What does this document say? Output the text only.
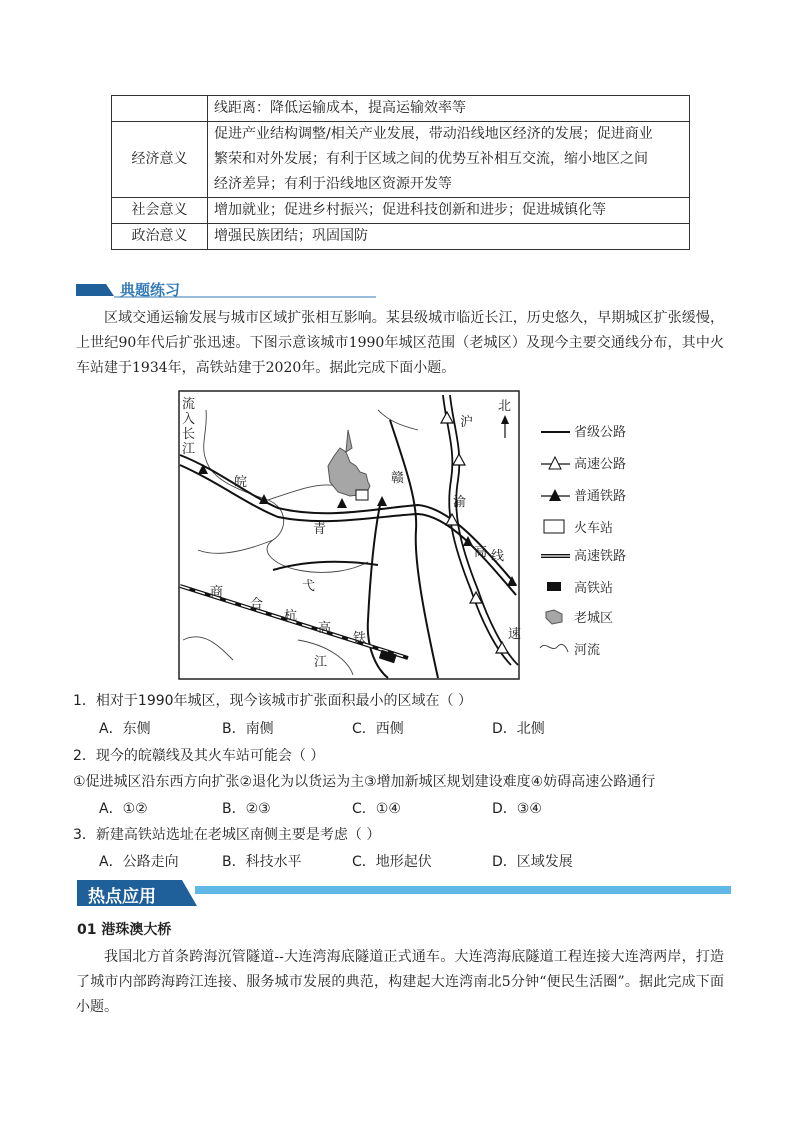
	线距离：降低运输成本，提高运输效率等

经济意义	促进产业结构调整/相关产业发展，带动沿线地区经济的发展；促进商业
繁荣和对外发展；有利于区域之间的优势互补相互交流，缩小地区之间
经济差异；有利于沿线地区资源开发等

社会意义	增加就业；促进乡村振兴；促进科技创新和进步；促进城镇化等

政治意义	增强民族团结；巩固国防
典题练习
区域交通运输发展与城市区域扩张相互影响。某县级城市临近长江，历史悠久，早期城区扩张缓慢，上世纪90年代后扩张迅速。下图示意该城市1990年城区范围（老城区）及现今主要交通线分布，其中火车站建于1934年，高铁站建于2020年。据此完成下面小题。
流
入
长
江
皖	赣
线
沪
渝
高
速
商
合
杭
高
铁
弋
江
青
北
省级公路
高速公路
普通铁路
火车站
高速铁路
高铁站
老城区
河流
1．相对于1990年城区，现今该城市扩张面积最小的区域在（ ）
A．东侧	B．南侧	C．西侧	D．北侧
2．现今的皖赣线及其火车站可能会（ ）
①促进城区沿东西方向扩张②退化为以货运为主③增加新城区规划建设难度④妨碍高速公路通行
A．①②	B．②③	C．①④	D．③④
3．新建高铁站选址在老城区南侧主要是考虑（ ）
A．公路走向	B．科技水平	C．地形起伏	D．区域发展
热点应用
01 港珠澳大桥
我国北方首条跨海沉管隧道--大连湾海底隧道正式通车。大连湾海底隧道工程连接大连湾两岸，打造了城市内部跨海跨江连接、服务城市发展的典范，构建起大连湾南北5分钟“便民生活圈”。据此完成下面小题。
